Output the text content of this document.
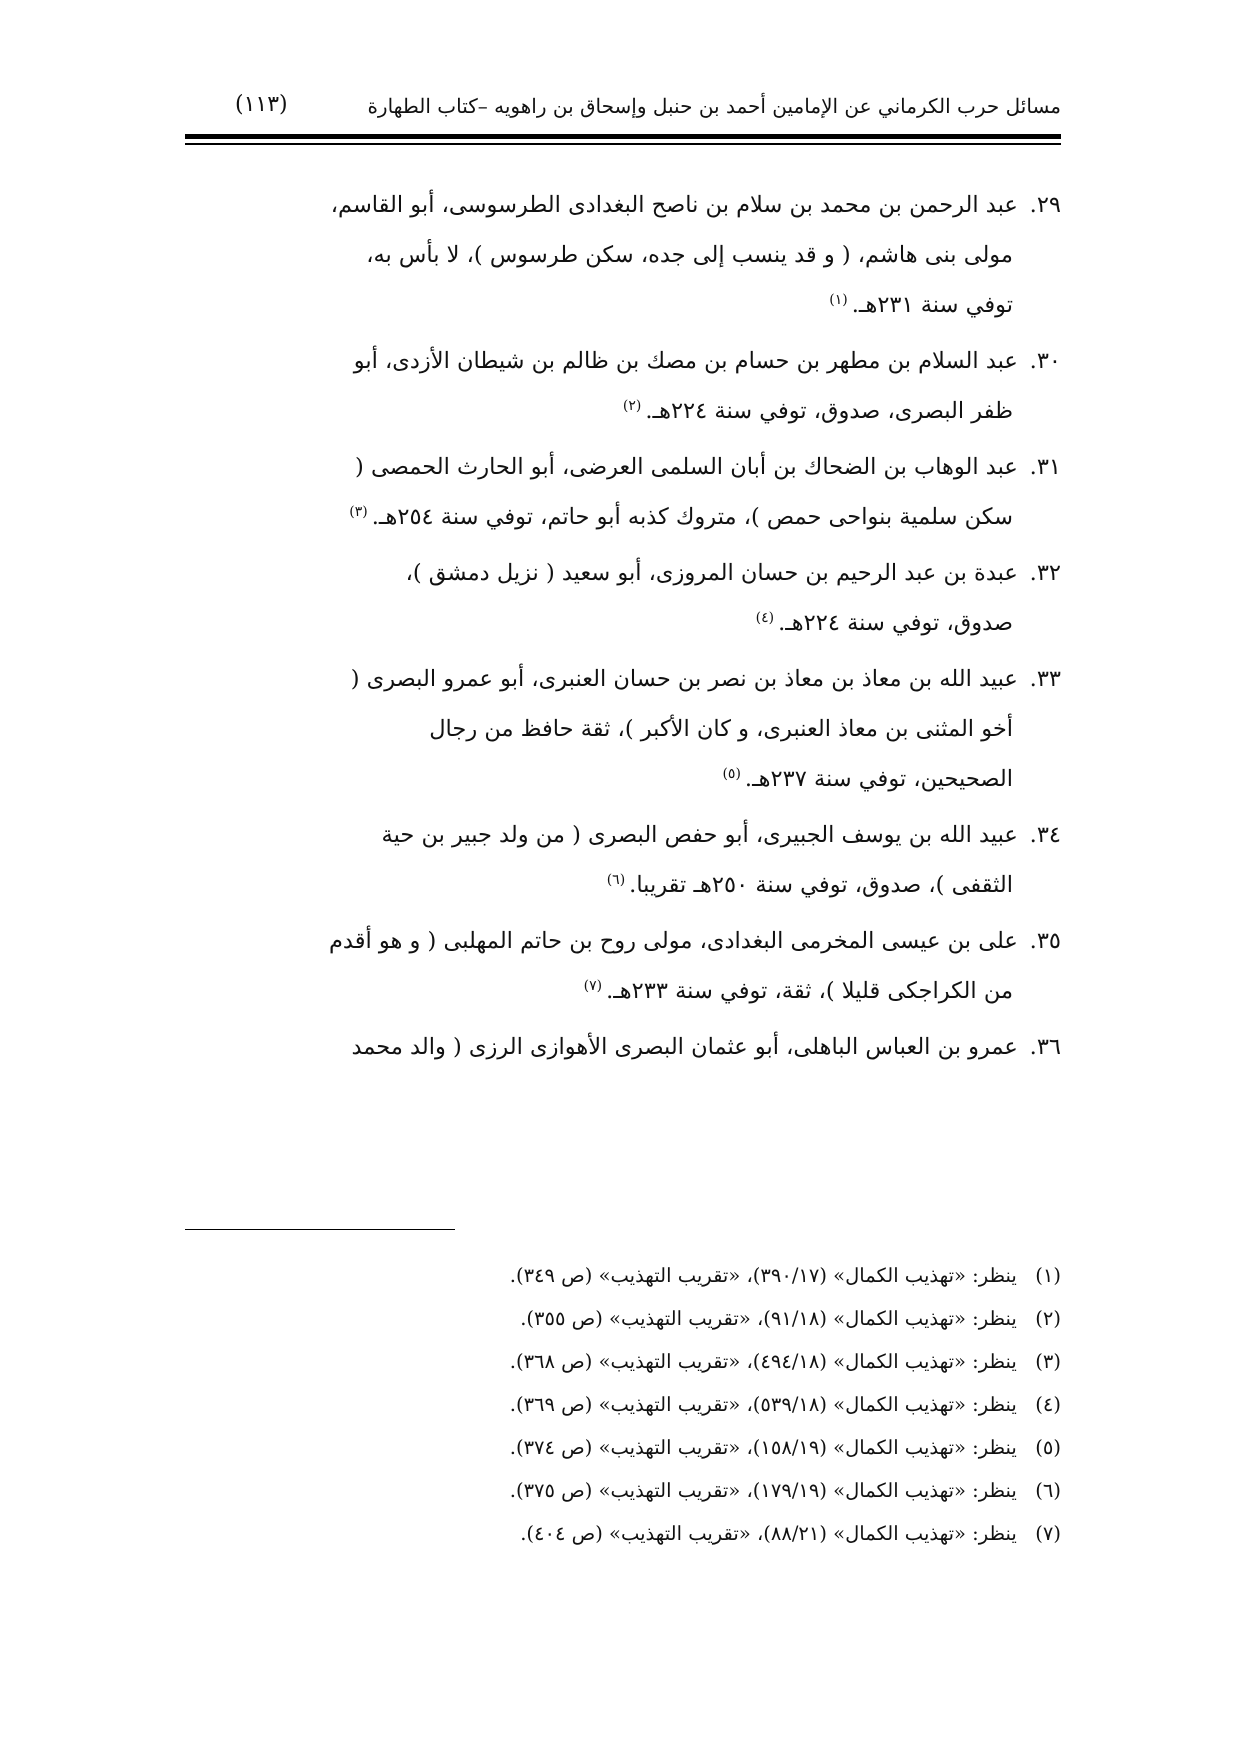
مسائل حرب الكرماني عن الإمامين أحمد بن حنبل وإسحاق بن راهويه –كتاب الطهارة
(١١٣)
٢٩. عبد الرحمن بن محمد بن سلام بن ناصح البغدادى الطرسوسى، أبو القاسم،
مولى بنى هاشم، ( و قد ينسب إلى جده، سكن طرسوس )، لا بأس به،
توفي سنة ٢٣١هـ.$^{(١)}$
٣٠. عبد السلام بن مطهر بن حسام بن مصك بن ظالم بن شيطان الأزدى، أبو
ظفر البصرى، صدوق، توفي سنة ٢٢٤هـ.$^{(٢)}$
٣١. عبد الوهاب بن الضحاك بن أبان السلمى العرضى، أبو الحارث الحمصى (
سكن سلمية بنواحى حمص )، متروك كذبه أبو حاتم، توفي سنة ٢٥٤هـ.$^{(٣)}$
٣٢. عبدة بن عبد الرحيم بن حسان المروزى، أبو سعيد ( نزيل دمشق )،
صدوق، توفي سنة ٢٢٤هـ.$^{(٤)}$
٣٣. عبيد الله بن معاذ بن معاذ بن نصر بن حسان العنبرى، أبو عمرو البصرى (
أخو المثنى بن معاذ العنبرى، و كان الأكبر )، ثقة حافظ من رجال
الصحيحين، توفي سنة ٢٣٧هـ.$^{(٥)}$
٣٤. عبيد الله بن يوسف الجبيرى، أبو حفص البصرى ( من ولد جبير بن حية
الثقفى )، صدوق، توفي سنة ٢٥٠هـ تقريبا.$^{(٦)}$
٣٥. على بن عيسى المخرمى البغدادى، مولى روح بن حاتم المهلبى ( و هو أقدم
من الكراجكى قليلا )، ثقة، توفي سنة ٢٣٣هـ.$^{(٧)}$
٣٦. عمرو بن العباس الباهلى، أبو عثمان البصرى الأهوازى الرزى ( والد محمد
(١) ينظر: «تهذيب الكمال» (٣٩٠/١٧)، «تقريب التهذيب» (ص ٣٤٩).
(٢) ينظر: «تهذيب الكمال» (٩١/١٨)، «تقريب التهذيب» (ص ٣٥٥).
(٣) ينظر: «تهذيب الكمال» (٤٩٤/١٨)، «تقريب التهذيب» (ص ٣٦٨).
(٤) ينظر: «تهذيب الكمال» (٥٣٩/١٨)، «تقريب التهذيب» (ص ٣٦٩).
(٥) ينظر: «تهذيب الكمال» (١٥٨/١٩)، «تقريب التهذيب» (ص ٣٧٤).
(٦) ينظر: «تهذيب الكمال» (١٧٩/١٩)، «تقريب التهذيب» (ص ٣٧٥).
(٧) ينظر: «تهذيب الكمال» (٨٨/٢١)، «تقريب التهذيب» (ص ٤٠٤).
